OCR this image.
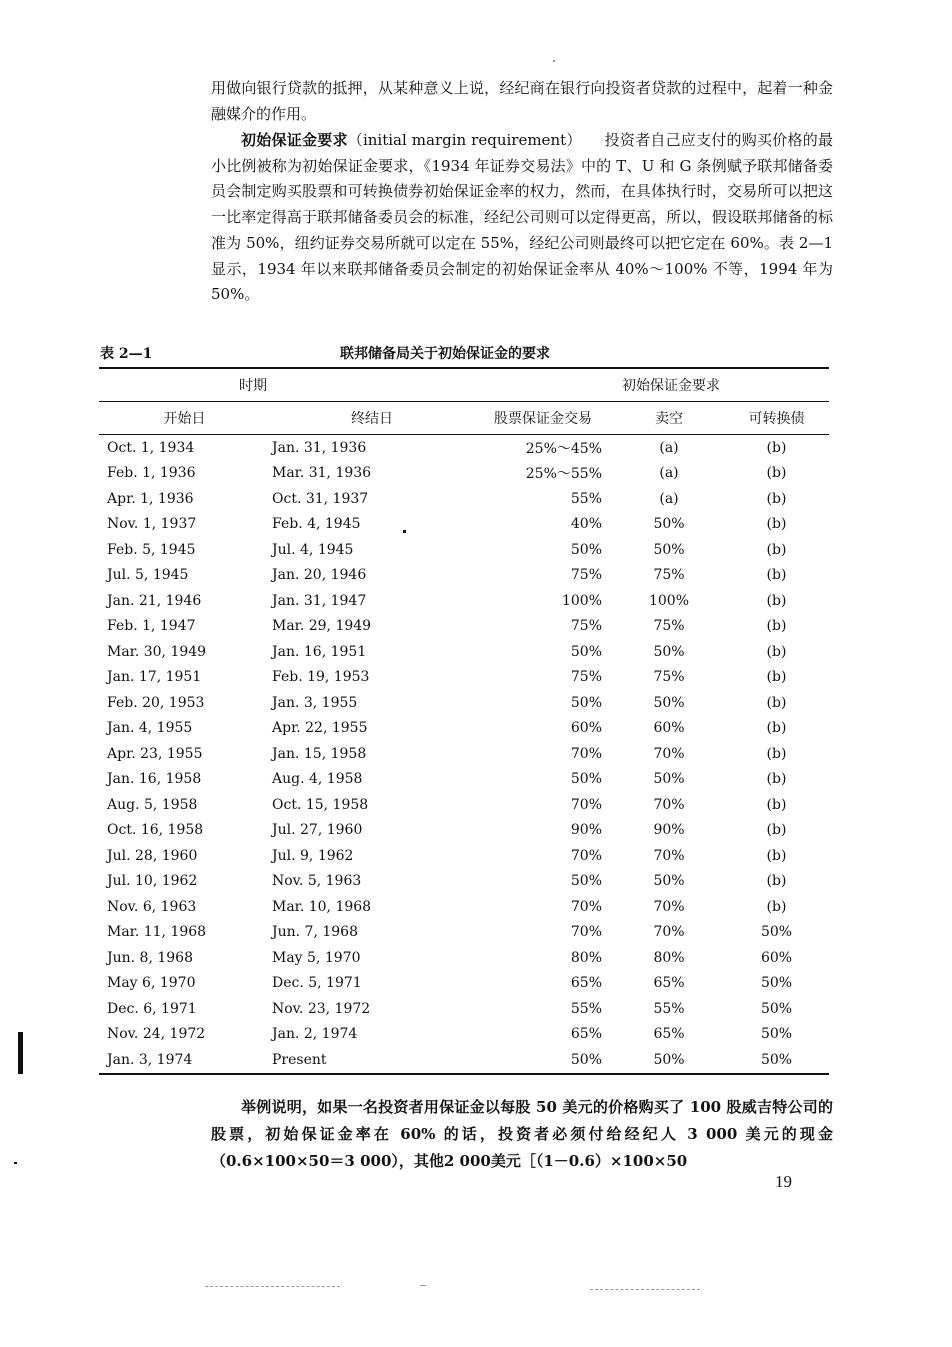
用做向银行贷款的抵押，从某种意义上说，经纪商在银行向投资者贷款的过程中，起着一种金融媒介的作用。

初始保证金要求（initial margin requirement）　　投资者自己应支付的购买价格的最小比例被称为初始保证金要求，《1934 年证券交易法》中的 T、U 和 G 条例赋予联邦储备委员会制定购买股票和可转换债券初始保证金率的权力，然而，在具体执行时，交易所可以把这一比率定得高于联邦储备委员会的标准，经纪公司则可以定得更高，所以，假设联邦储备的标准为 50%，纽约证券交易所就可以定在 55%，经纪公司则最终可以把它定在 60%。表 2—1 显示，1934 年以来联邦储备委员会制定的初始保证金率从 40%～100% 不等，1994 年为 50%。

表 2—1	联邦储备局关于初始保证金的要求
时期		初始保证金要求		
开始日	终结日	股票保证金交易	卖空	可转换债
Oct. 1, 1934	Jan. 31, 1936	25%～45%	(a)	(b)
Feb. 1, 1936	Mar. 31, 1936	25%～55%	(a)	(b)
Apr. 1, 1936	Oct. 31, 1937	55%	(a)	(b)
Nov. 1, 1937	Feb. 4, 1945	40%	50%	(b)
Feb. 5, 1945	Jul. 4, 1945	50%	50%	(b)
Jul. 5, 1945	Jan. 20, 1946	75%	75%	(b)
Jan. 21, 1946	Jan. 31, 1947	100%	100%	(b)
Feb. 1, 1947	Mar. 29, 1949	75%	75%	(b)
Mar. 30, 1949	Jan. 16, 1951	50%	50%	(b)
Jan. 17, 1951	Feb. 19, 1953	75%	75%	(b)
Feb. 20, 1953	Jan. 3, 1955	50%	50%	(b)
Jan. 4, 1955	Apr. 22, 1955	60%	60%	(b)
Apr. 23, 1955	Jan. 15, 1958	70%	70%	(b)
Jan. 16, 1958	Aug. 4, 1958	50%	50%	(b)
Aug. 5, 1958	Oct. 15, 1958	70%	70%	(b)
Oct. 16, 1958	Jul. 27, 1960	90%	90%	(b)
Jul. 28, 1960	Jul. 9, 1962	70%	70%	(b)
Jul. 10, 1962	Nov. 5, 1963	50%	50%	(b)
Nov. 6, 1963	Mar. 10, 1968	70%	70%	(b)
Mar. 11, 1968	Jun. 7, 1968	70%	70%	50%
Jun. 8, 1968	May 5, 1970	80%	80%	60%
May 6, 1970	Dec. 5, 1971	65%	65%	50%
Dec. 6, 1971	Nov. 23, 1972	55%	55%	50%
Nov. 24, 1972	Jan. 2, 1974	65%	65%	50%
Jan. 3, 1974	Present	50%	50%	50%

举例说明，如果一名投资者用保证金以每股 50 美元的价格购买了 100 股威吉特公司的股票，初始保证金率在 60% 的话，投资者必须付给经纪人 3 000 美元的现金（0.6×100×50＝3 000），其他2 000美元［（1－0.6）×100×50

19
